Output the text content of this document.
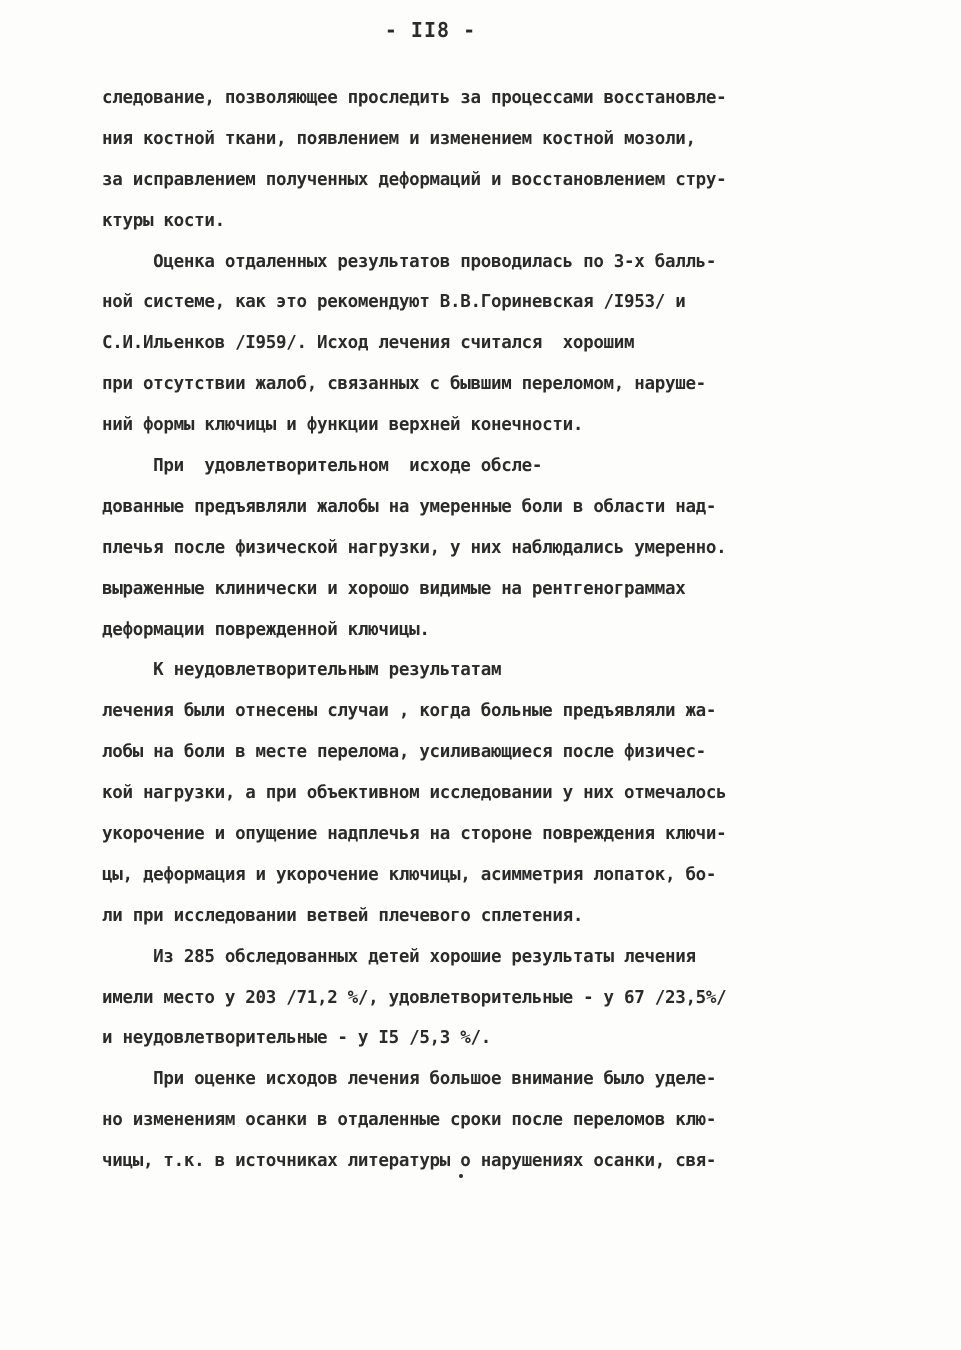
- II8 -
следование, позволяющее проследить за процессами восстановле-
ния костной ткани, появлением и изменением костной мозоли,
за исправлением полученных деформаций и восстановлением стру-
ктуры кости.
Оценка отдаленных результатов проводилась по 3-х балль-
ной системе, как это рекомендуют В.В.Гориневская /I953/ и
С.И.Ильенков /I959/. Исход лечения считался  хорошим
при отсутствии жалоб, связанных с бывшим переломом, наруше-
ний формы ключицы и функции верхней конечности.
При  удовлетворительном  исходе обсле-
дованные предъявляли жалобы на умеренные боли в области над-
плечья после физической нагрузки, у них наблюдались умеренно.
выраженные клинически и хорошо видимые на рентгенограммах
деформации поврежденной ключицы.
К неудовлетворительным результатам
лечения были отнесены случаи , когда больные предъявляли жа-
лобы на боли в месте перелома, усиливающиеся после физичес-
кой нагрузки, а при объективном исследовании у них отмечалось
укорочение и опущение надплечья на стороне повреждения ключи-
цы, деформация и укорочение ключицы, асимметрия лопаток, бо-
ли при исследовании ветвей плечевого сплетения.
Из 285 обследованных детей хорошие результаты лечения
имели место у 203 /71,2 %/, удовлетворительные - у 67 /23,5%/
и неудовлетворительные - у I5 /5,3 %/.
При оценке исходов лечения большое внимание было уделе-
но изменениям осанки в отдаленные сроки после переломов клю-
чицы, т.к. в источниках литературы о нарушениях осанки, свя-
